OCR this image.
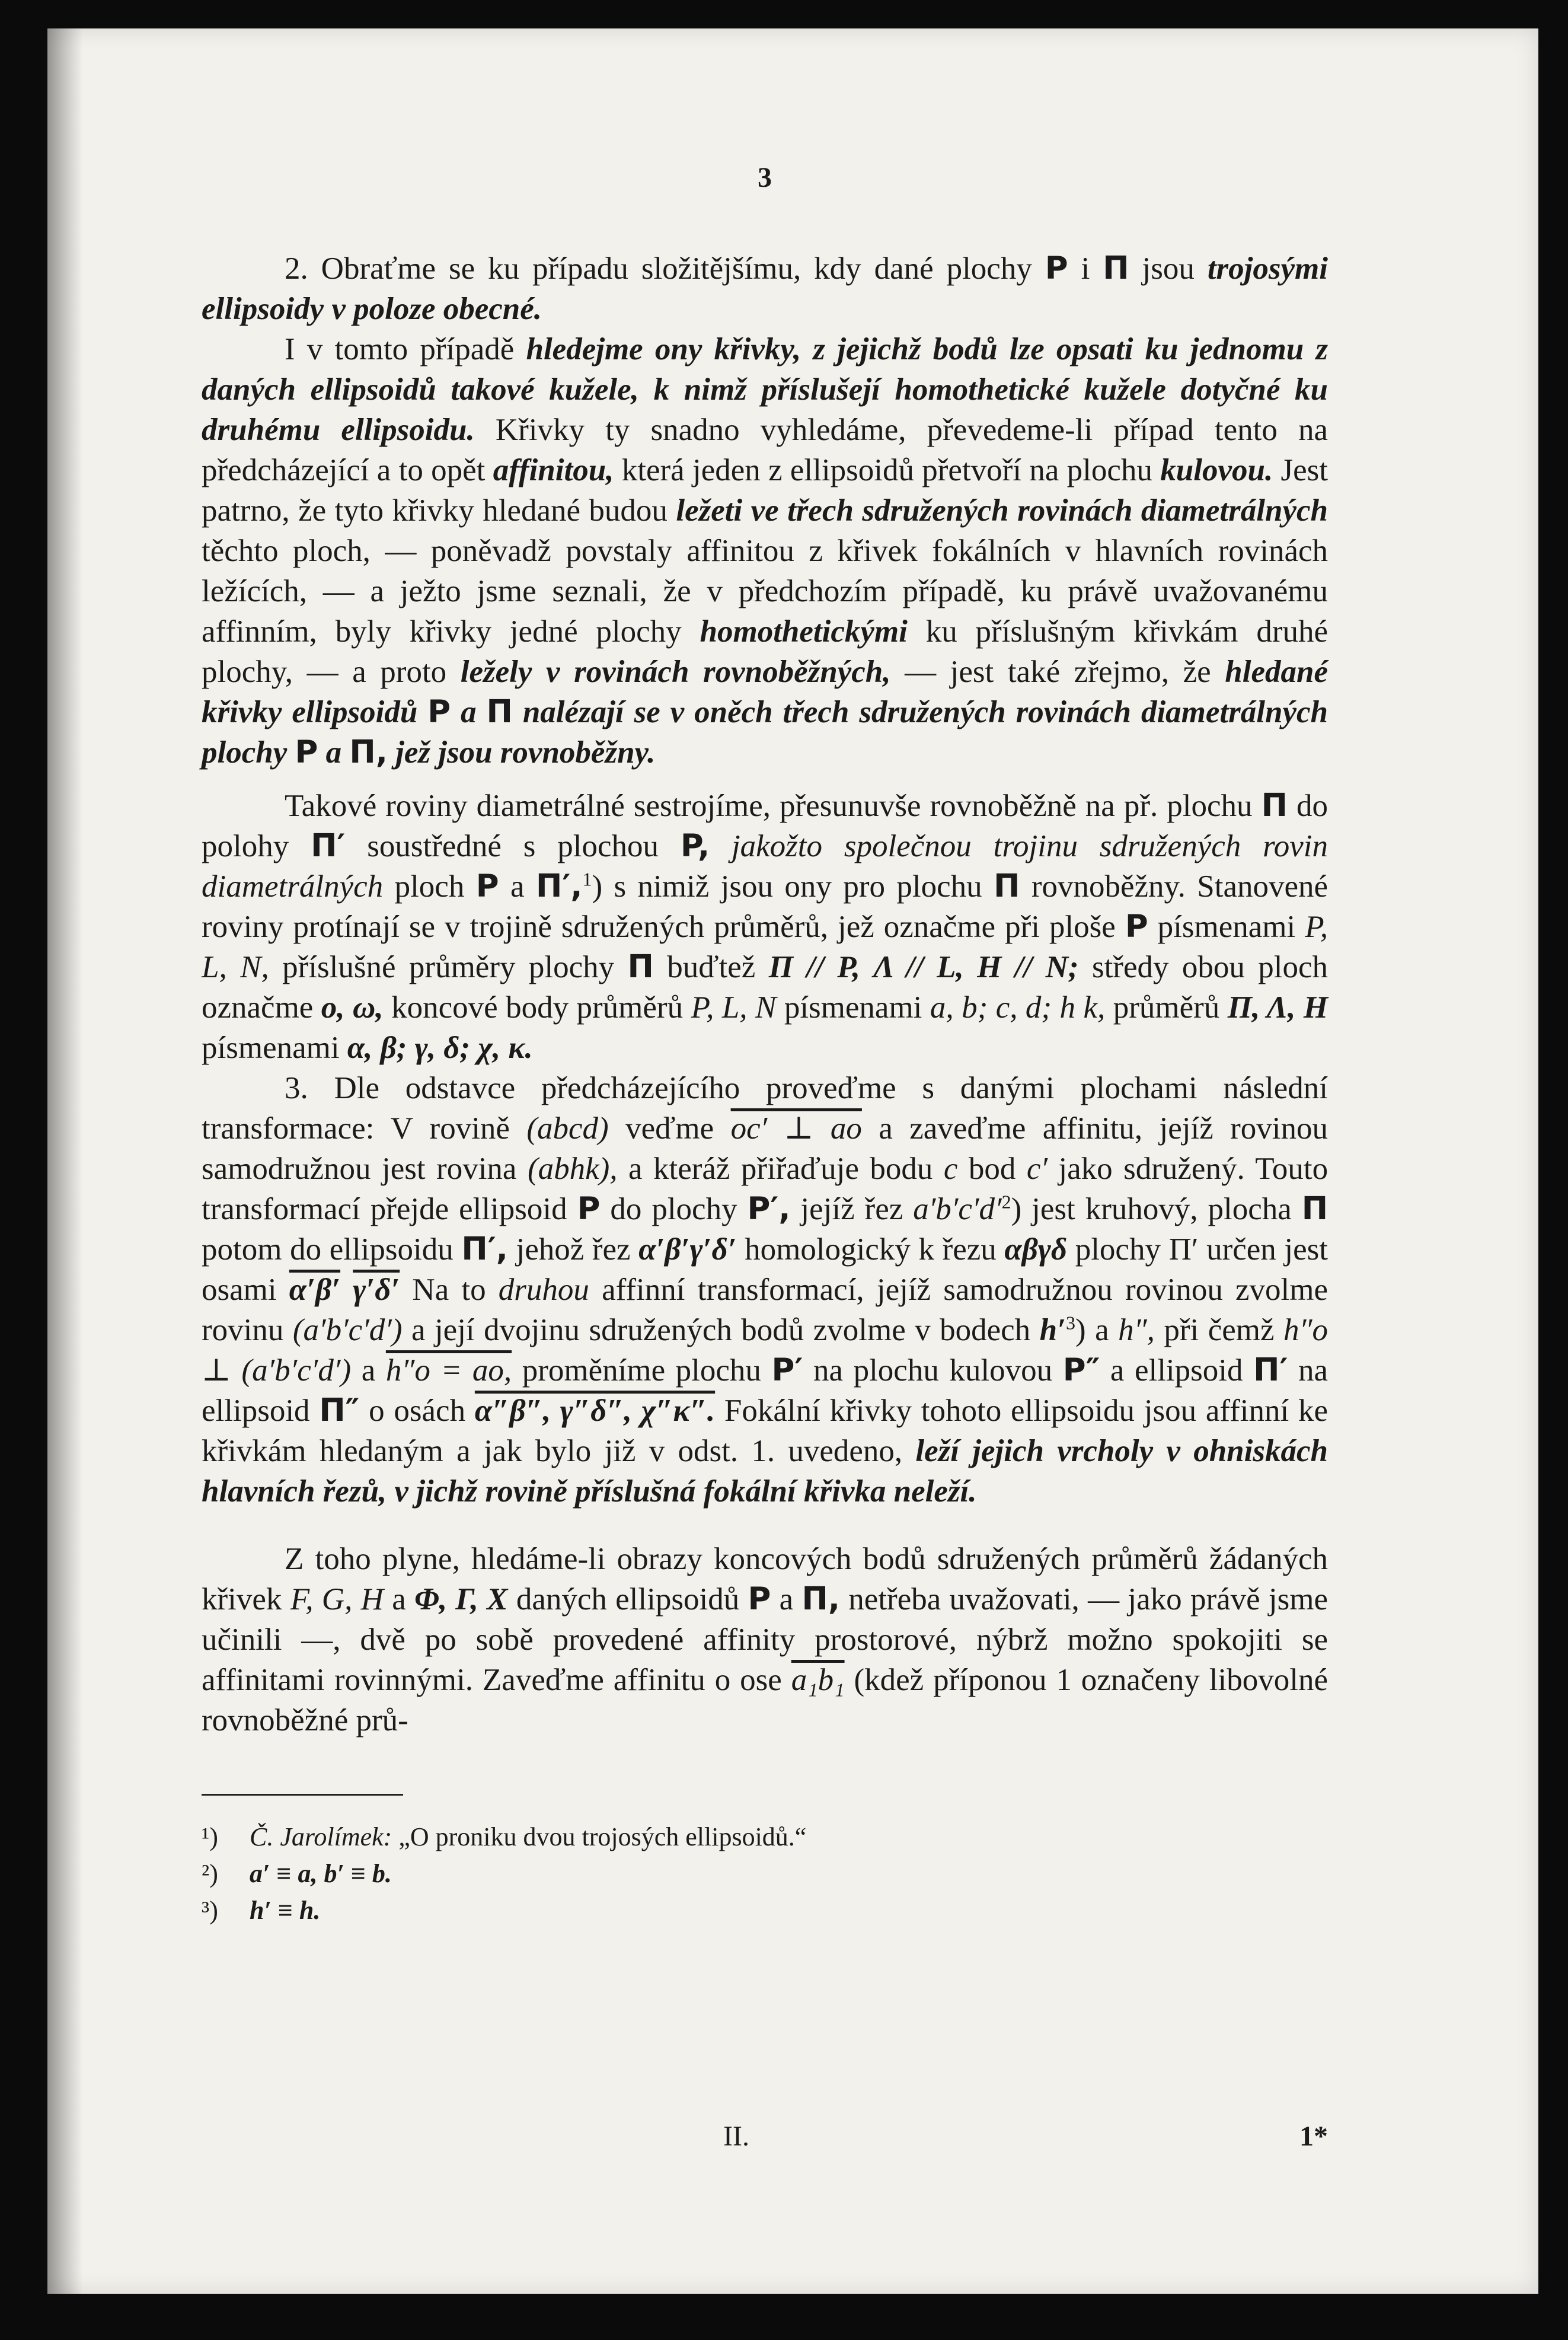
3

2. Obraťme se ku případu složitějšímu, kdy dané plochy P i Π jsou trojosými ellipsoidy v poloze obecné.

I v tomto případě hledejme ony křivky, z jejichž bodů lze opsati ku jednomu z daných ellipsoidů takové kužele, k nimž příslušejí homothetické kužele dotyčné ku druhému ellipsoidu. Křivky ty snadno vyhledáme, převedeme-li případ tento na předcházející a to opět affinitou, která jeden z ellipsoidů přetvoří na plochu kulovou. Jest patrno, že tyto křivky hledané budou ležeti ve třech sdružených rovinách diametrálných těchto ploch, — poněvadž povstaly affinitou z křivek fokálních v hlavních rovinách ležících, — a ježto jsme seznali, že v předchozím případě, ku právě uvažovanému affinním, byly křivky jedné plochy homothetickými ku příslušným křivkám druhé plochy, — a proto ležely v rovinách rovnoběžných, — jest také zřejmo, že hledané křivky ellipsoidů P a Π nalézají se v oněch třech sdružených rovinách diametrálných plochy P a Π, jež jsou rovnoběžny.

Takové roviny diametrálné sestrojíme, přesunuvše rovnoběžně na př. plochu Π do polohy Π′ soustředné s plochou P, jakožto společnou trojinu sdružených rovin diametrálných ploch P a Π′,$^1$) s nimiž jsou ony pro plochu Π rovnoběžny. Stanovené roviny protínají se v trojině sdružených průměrů, jež označme při ploše P písmenami P, L, N, příslušné průměry plochy Π buďtež Π // P, Λ // L, H // N; středy obou ploch označme o, ω, koncové body průměrů P, L, N písmenami a, b; c, d; h k, průměrů Π, Λ, H písmenami α, β; γ, δ; χ, κ.

3. Dle odstavce předcházejícího proveďme s danými plochami následní transformace: V rovině (abcd) veďme oc′ ⊥ ao a zaveďme affinitu, jejíž rovinou samodružnou jest rovina (abhk), a kteráž přiřaďuje bodu c bod c′ jako sdružený. Touto transformací přejde ellipsoid P do plochy P′, jejíž řez $a'b'c'd'^2$) jest kruhový, plocha Π potom do ellipsoidu Π′, jehož řez α′β′γ′δ′ homologický k řezu αβγδ plochy Π′ určen jest osami α′β′ γ′δ′ Na to druhou affinní transformací, jejíž samodružnou rovinou zvolme rovinu (a′b′c′d′) a její dvojinu sdružených bodů zvolme v bodech $h'^3$) a h″, při čemž h″o ⊥ (a′b′c′d′) a h″o = ao, proměníme plochu P′ na plochu kulovou P″ a ellipsoid Π′ na ellipsoid Π″ o osách α″β″, γ″δ″, χ″κ″. Fokální křivky tohoto ellipsoidu jsou affinní ke křivkám hledaným a jak bylo již v odst. 1. uvedeno, leží jejich vrcholy v ohniskách hlavních řezů, v jichž rovině příslušná fokální křivka neleží.

Z toho plyne, hledáme-li obrazy koncových bodů sdružených průměrů žádaných křivek F, G, H a Φ, Γ, X daných ellipsoidů P a Π, netřeba uvažovati, — jako právě jsme učinili —, dvě po sobě provedené affinity prostorové, nýbrž možno spokojiti se affinitami rovinnými. Zaveďme affinitu o ose a₁b₁ (kdež příponou 1 označeny libovolné rovnoběžné prů-

¹) Č. Jarolímek: „O proniku dvou trojosých ellipsoidů.“
²) a′ ≡ a, b′ ≡ b.
³) h′ ≡ h.
II.	1*
